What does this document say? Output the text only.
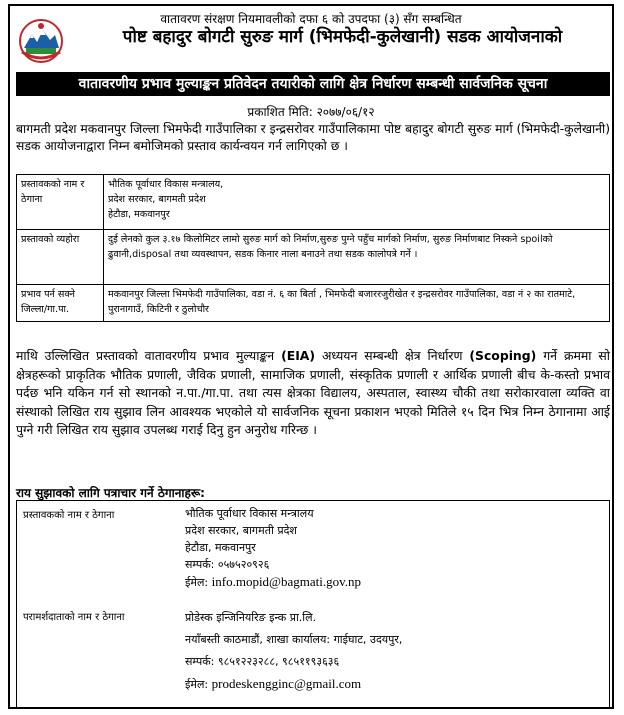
वातावरण संरक्षण नियमावलीको दफा ६ को उपदफा (३) सँग सम्बन्धित
पोष्ट बहादुर बोगटी सुरुङ मार्ग (भिमफेदी-कुलेखानी) सडक आयोजनाको
वातावरणीय प्रभाव मुल्याङ्कन प्रतिवेदन तयारीको लागि क्षेत्र निर्धारण सम्बन्धी सार्वजनिक सूचना
प्रकाशित मिति: २०७७/०६/१२
बागमती प्रदेश मकवानपुर जिल्ला भिमफेदी गाउँपालिका र इन्द्रसरोवर गाउँपालिकामा पोष्ट बहादुर बोगटी सुरुङ मार्ग (भिमफेदी-कुलेखानी) सडक आयोजनाद्वारा निम्न बमोजिमको प्रस्ताव कार्यन्वयन गर्न लागिएको छ ।
प्रस्तावकको नाम र ठेगाना	भौतिक पूर्वाधार विकास मन्त्रालय,
प्रदेश सरकार, बागमती प्रदेश
हेटौडा, मकवानपुर
प्रस्तावको व्यहोरा	दुई लेनको कुल ३.१७ किलोमिटर लामो सुरुङ मार्ग को निर्माण,सुरुङ पुग्ने पहुँच मार्गको निर्माण, सुरुङ निर्माणबाट निस्कने spoilको ढुवानी,disposal तथा व्यवस्थापन, सडक किनार नाला बनाउने तथा सडक कालोपत्रे गर्ने ।
प्रभाव पर्न सक्ने जिल्ला/गा.पा.	मकवानपुर जिल्ला भिमफेदी गाउँपालिका, वडा नं. ६ का बिर्ता , भिमफेदी बजाररजुरीखेत र इन्द्रसरोवर गाउँपालिका, वडा नं २ का रातमाटे, पुरानागाउँ, किटिनी र ठुलोचौर
माथि उल्लिखित प्रस्तावको वातावरणीय प्रभाव मुल्याङ्कन (EIA) अध्ययन सम्बन्धी क्षेत्र निर्धारण (Scoping) गर्ने क्रममा सो क्षेत्रहरूको प्राकृतिक भौतिक प्रणाली, जैविक प्रणाली, सामाजिक प्रणाली, संस्कृतिक प्रणाली र आर्थिक प्रणाली बीच के-कस्तो प्रभाव पर्दछ भनि यकिन गर्न सो स्थानको न.पा./गा.पा. तथा त्यस क्षेत्रका विद्यालय, अस्पताल, स्वास्थ्य चौकी तथा सरोकारवाला व्यक्ति वा संस्थाको लिखित राय सुझाव लिन आवश्यक भएकोले यो सार्वजनिक सूचना प्रकाशन भएको मितिले १५ दिन भित्र निम्न ठेगानामा आई पुग्ने गरी लिखित राय सुझाव उपलब्ध गराई दिनु हुन अनुरोध गरिन्छ ।
राय सुझावको लागि पत्राचार गर्ने ठेगानाहरू:
प्रस्तावकको नाम र ठेगाना	भौतिक पूर्वाधार विकास मन्त्रालय
प्रदेश सरकार, बागमती प्रदेश
हेटौडा, मकवानपुर
सम्पर्क: ०५७५२०९२६
ईमेल: info.mopid@bagmati.gov.np
परामर्शदाताको नाम र ठेगाना	प्रोडेस्क इन्जिनियरिङ इन्क प्रा.लि.
नयाँबस्ती काठमाडौं, शाखा कार्यालय: गाईघाट, उदयपुर,
सम्पर्क: ९८५१२२३२८८, ९८५११९३६३६
ईमेल: prodeskengginc@gmail.com
